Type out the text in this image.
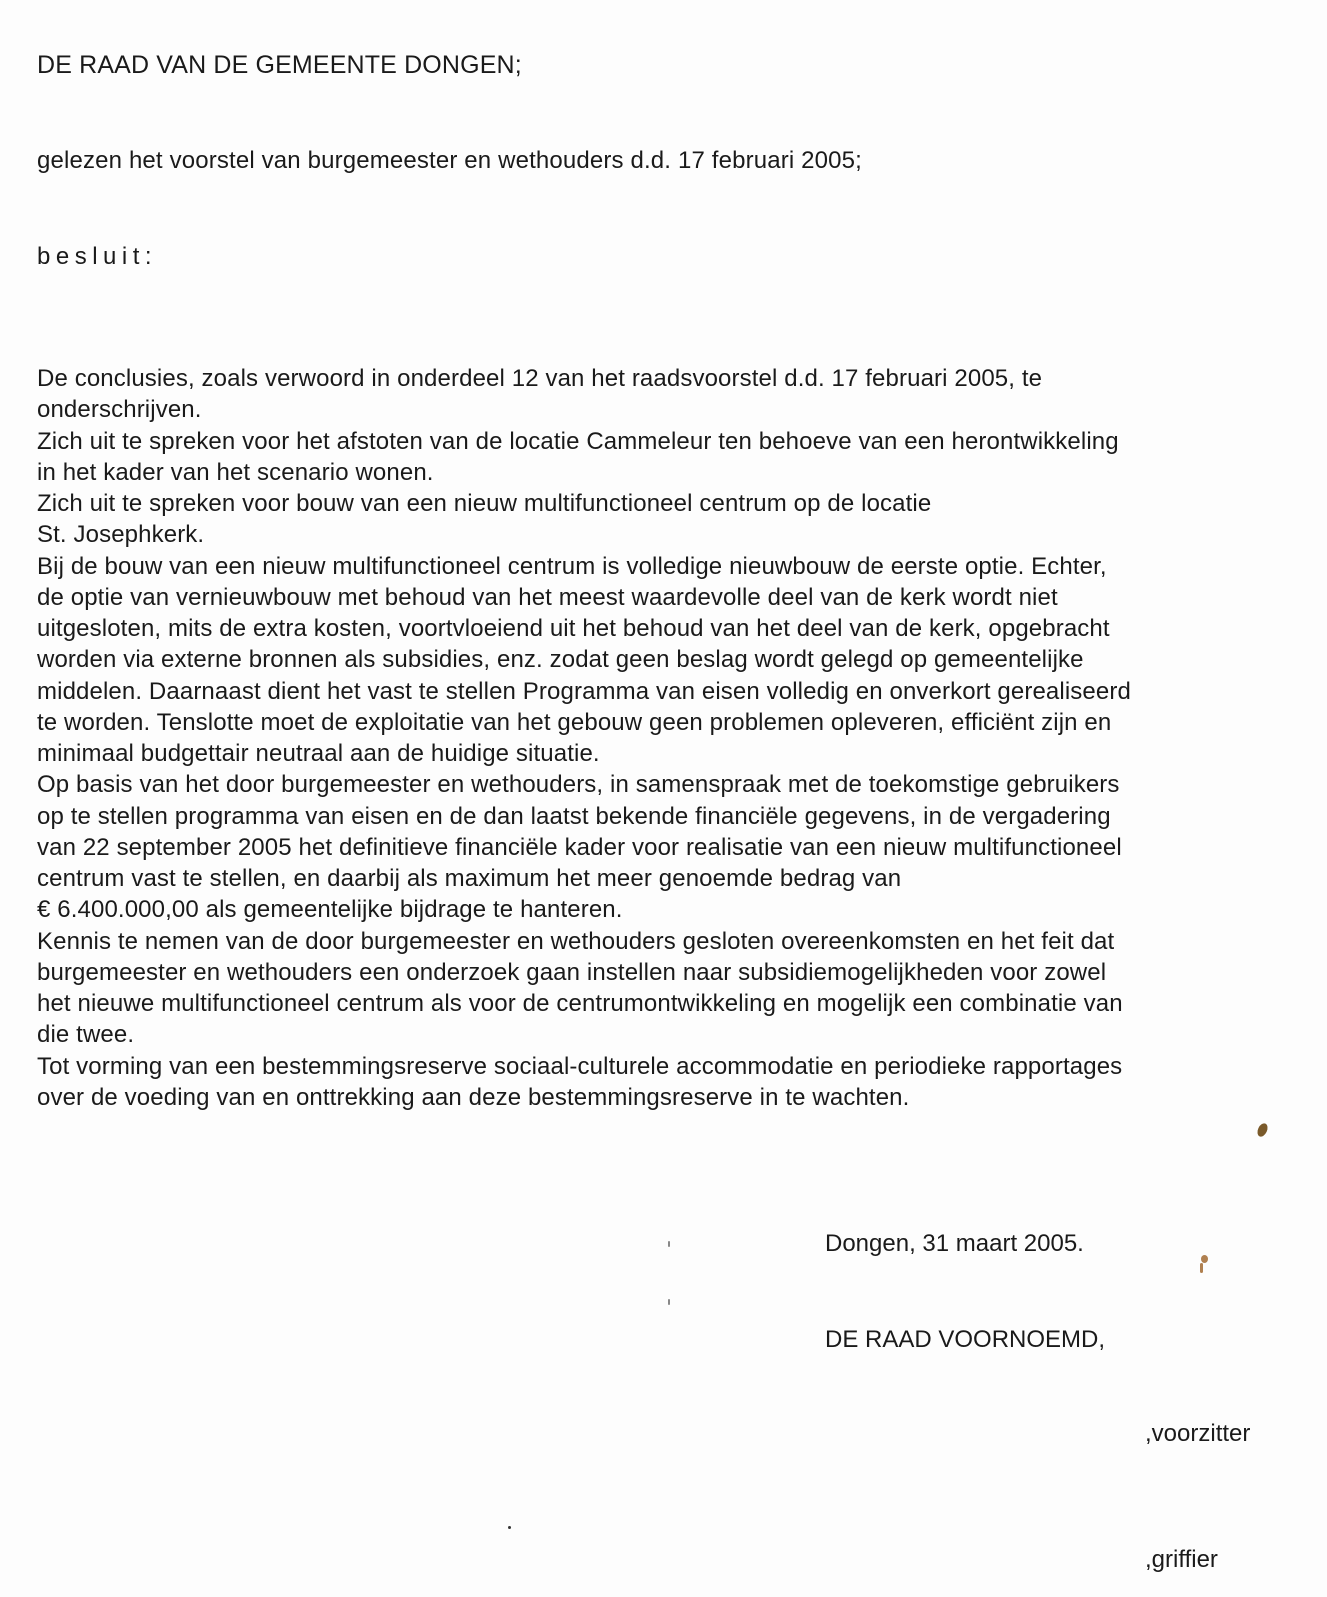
DE RAAD VAN DE GEMEENTE DONGEN;
gelezen het voorstel van burgemeester en wethouders d.d. 17 februari 2005;
besluit:
De conclusies, zoals verwoord in onderdeel 12 van het raadsvoorstel d.d. 17 februari 2005, te
onderschrijven.
Zich uit te spreken voor het afstoten van de locatie Cammeleur ten behoeve van een herontwikkeling
in het kader van het scenario wonen.
Zich uit te spreken voor bouw van een nieuw multifunctioneel centrum op de locatie
St. Josephkerk.
Bij de bouw van een nieuw multifunctioneel centrum is volledige nieuwbouw de eerste optie. Echter,
de optie van vernieuwbouw met behoud van het meest waardevolle deel van de kerk wordt niet
uitgesloten, mits de extra kosten, voortvloeiend uit het behoud van het deel van de kerk, opgebracht
worden via externe bronnen als subsidies, enz. zodat geen beslag wordt gelegd op gemeentelijke
middelen. Daarnaast dient het vast te stellen Programma van eisen volledig en onverkort gerealiseerd
te worden. Tenslotte moet de exploitatie van het gebouw geen problemen opleveren, efficiënt zijn en
minimaal budgettair neutraal aan de huidige situatie.
Op basis van het door burgemeester en wethouders, in samenspraak met de toekomstige gebruikers
op te stellen programma van eisen en de dan laatst bekende financiële gegevens, in de vergadering
van 22 september 2005 het definitieve financiële kader voor realisatie van een nieuw multifunctioneel
centrum vast te stellen, en daarbij als maximum het meer genoemde bedrag van
€ 6.400.000,00 als gemeentelijke bijdrage te hanteren.
Kennis te nemen van de door burgemeester en wethouders gesloten overeenkomsten en het feit dat
burgemeester en wethouders een onderzoek gaan instellen naar subsidiemogelijkheden voor zowel
het nieuwe multifunctioneel centrum als voor de centrumontwikkeling en mogelijk een combinatie van
die twee.
Tot vorming van een bestemmingsreserve sociaal-culturele accommodatie en periodieke rapportages
over de voeding van en onttrekking aan deze bestemmingsreserve in te wachten.
Dongen, 31 maart 2005.
DE RAAD VOORNOEMD,
,voorzitter
,griffier
